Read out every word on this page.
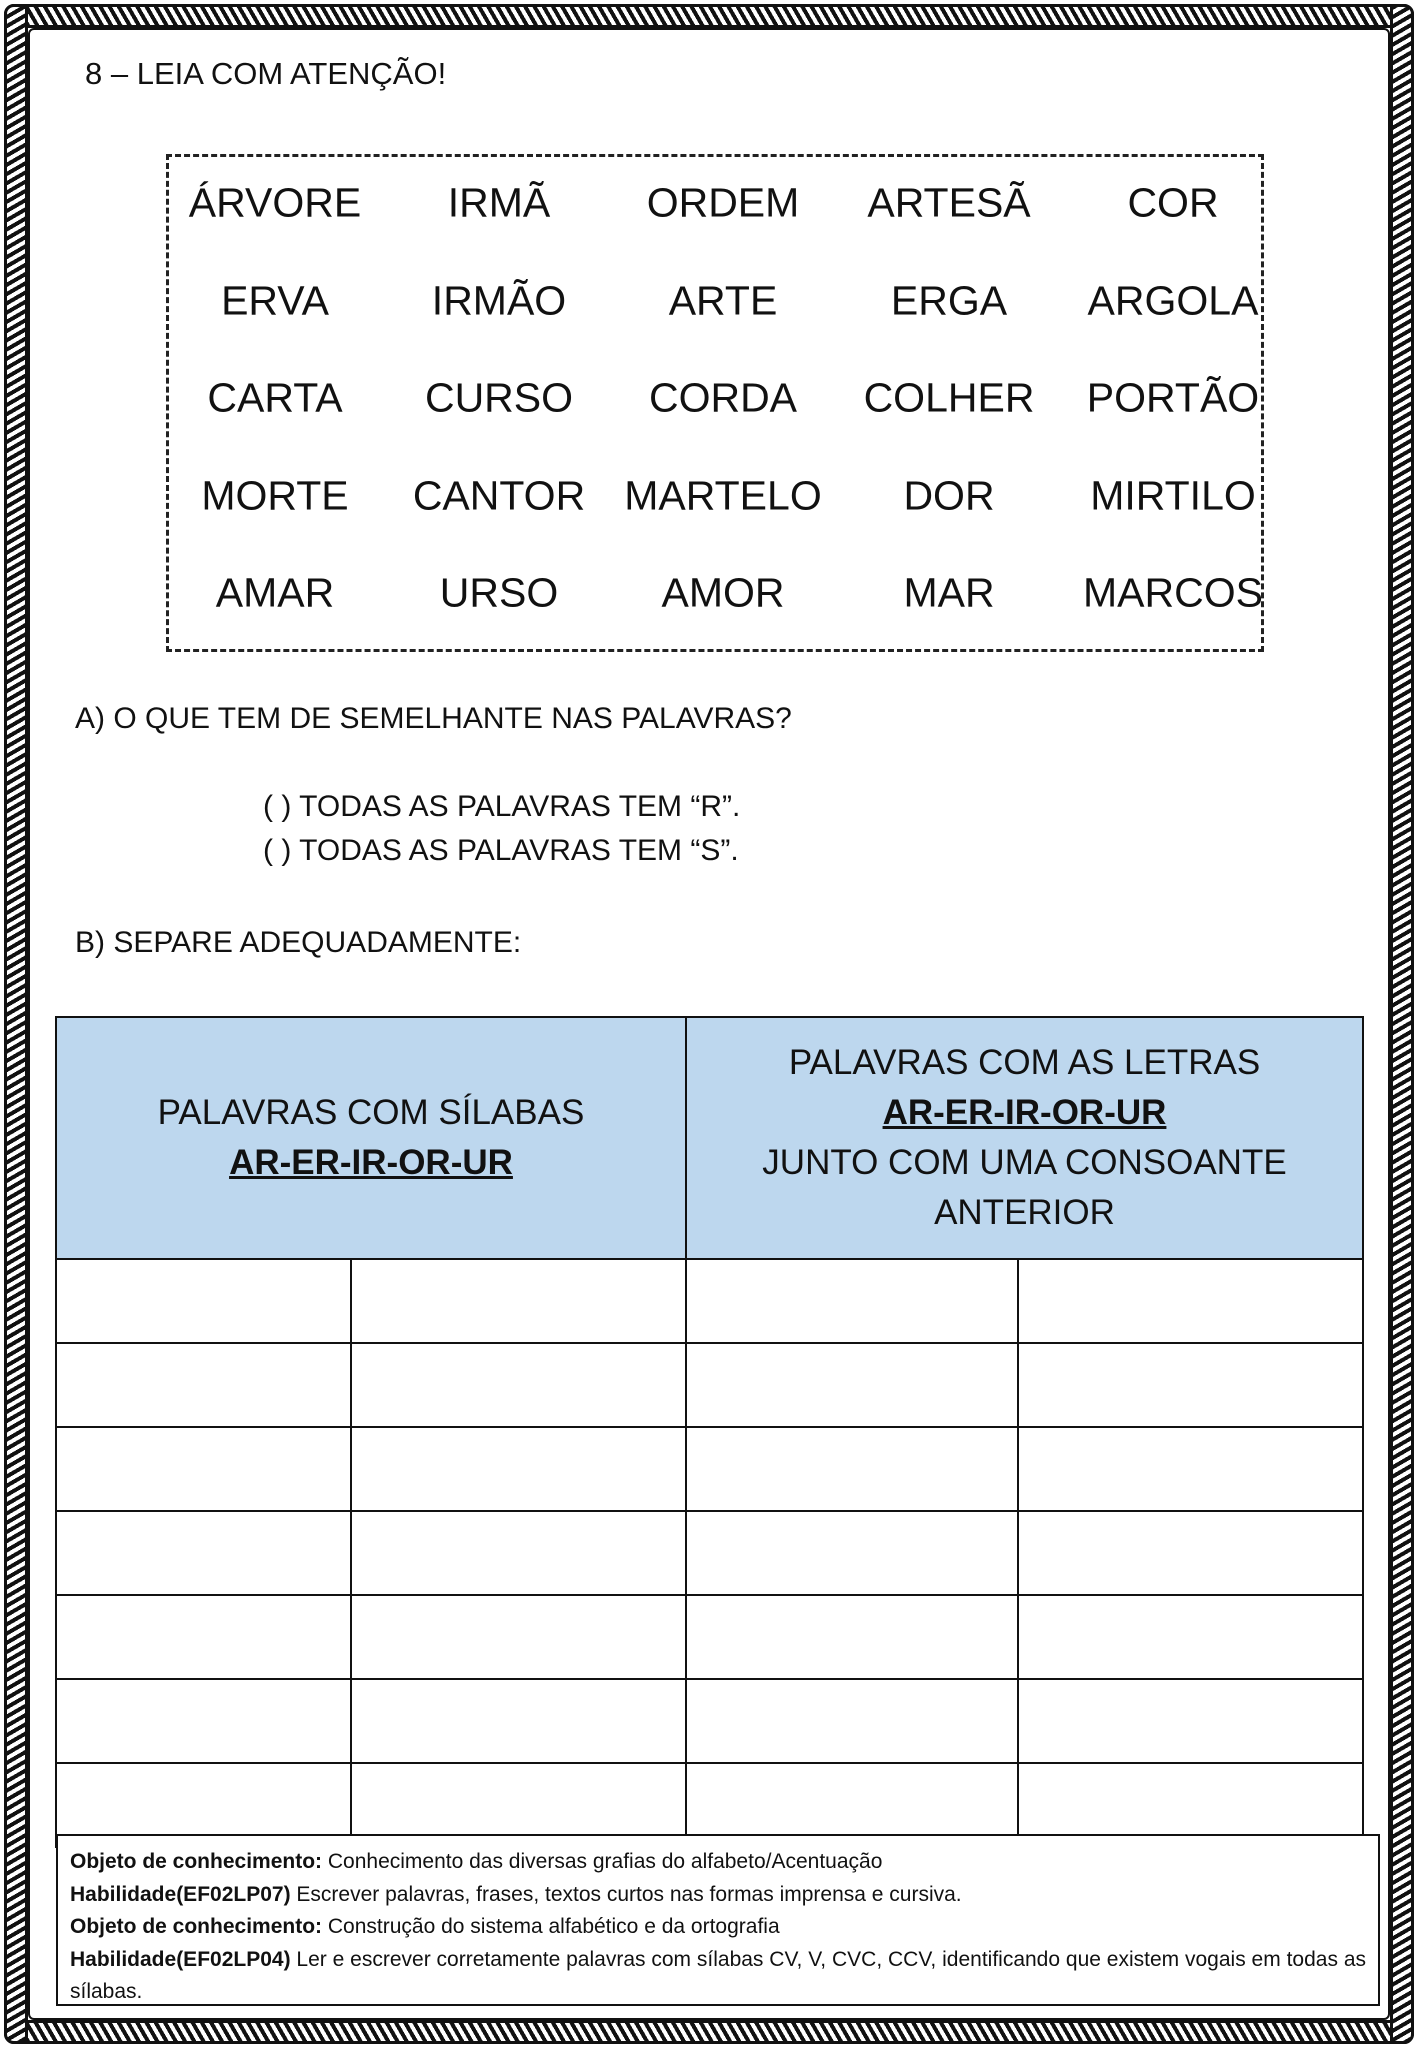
8 – LEIA COM ATENÇÃO!
ÁRVORE IRMÃ ORDEM ARTESÃ COR
ERVA	IRMÃO ARTE	ERGA ARGOLA
CARTA CURSO CORDA COLHER PORTÃO
MORTE CANTOR MARTELO DOR MIRTILO
AMAR	URSO	AMOR	MAR MARCOS
A) O QUE TEM DE SEMELHANTE NAS PALAVRAS?
( ) TODAS AS PALAVRAS TEM “R”.
( ) TODAS AS PALAVRAS TEM “S”.
B) SEPARE ADEQUADAMENTE:
PALAVRAS COM SÍLABAS
AR-ER-IR-OR-UR		PALAVRAS COM AS LETRAS
AR-ER-IR-OR-UR
JUNTO COM UMA CONSOANTE
ANTERIOR	

Objeto de conhecimento: Conhecimento das diversas grafias do alfabeto/Acentuação
Habilidade(EF02LP07) Escrever palavras, frases, textos curtos nas formas imprensa e cursiva.
Objeto de conhecimento: Construção do sistema alfabético e da ortografia
Habilidade(EF02LP04) Ler e escrever corretamente palavras com sílabas CV, V, CVC, CCV, identificando que existem vogais em todas as sílabas.
